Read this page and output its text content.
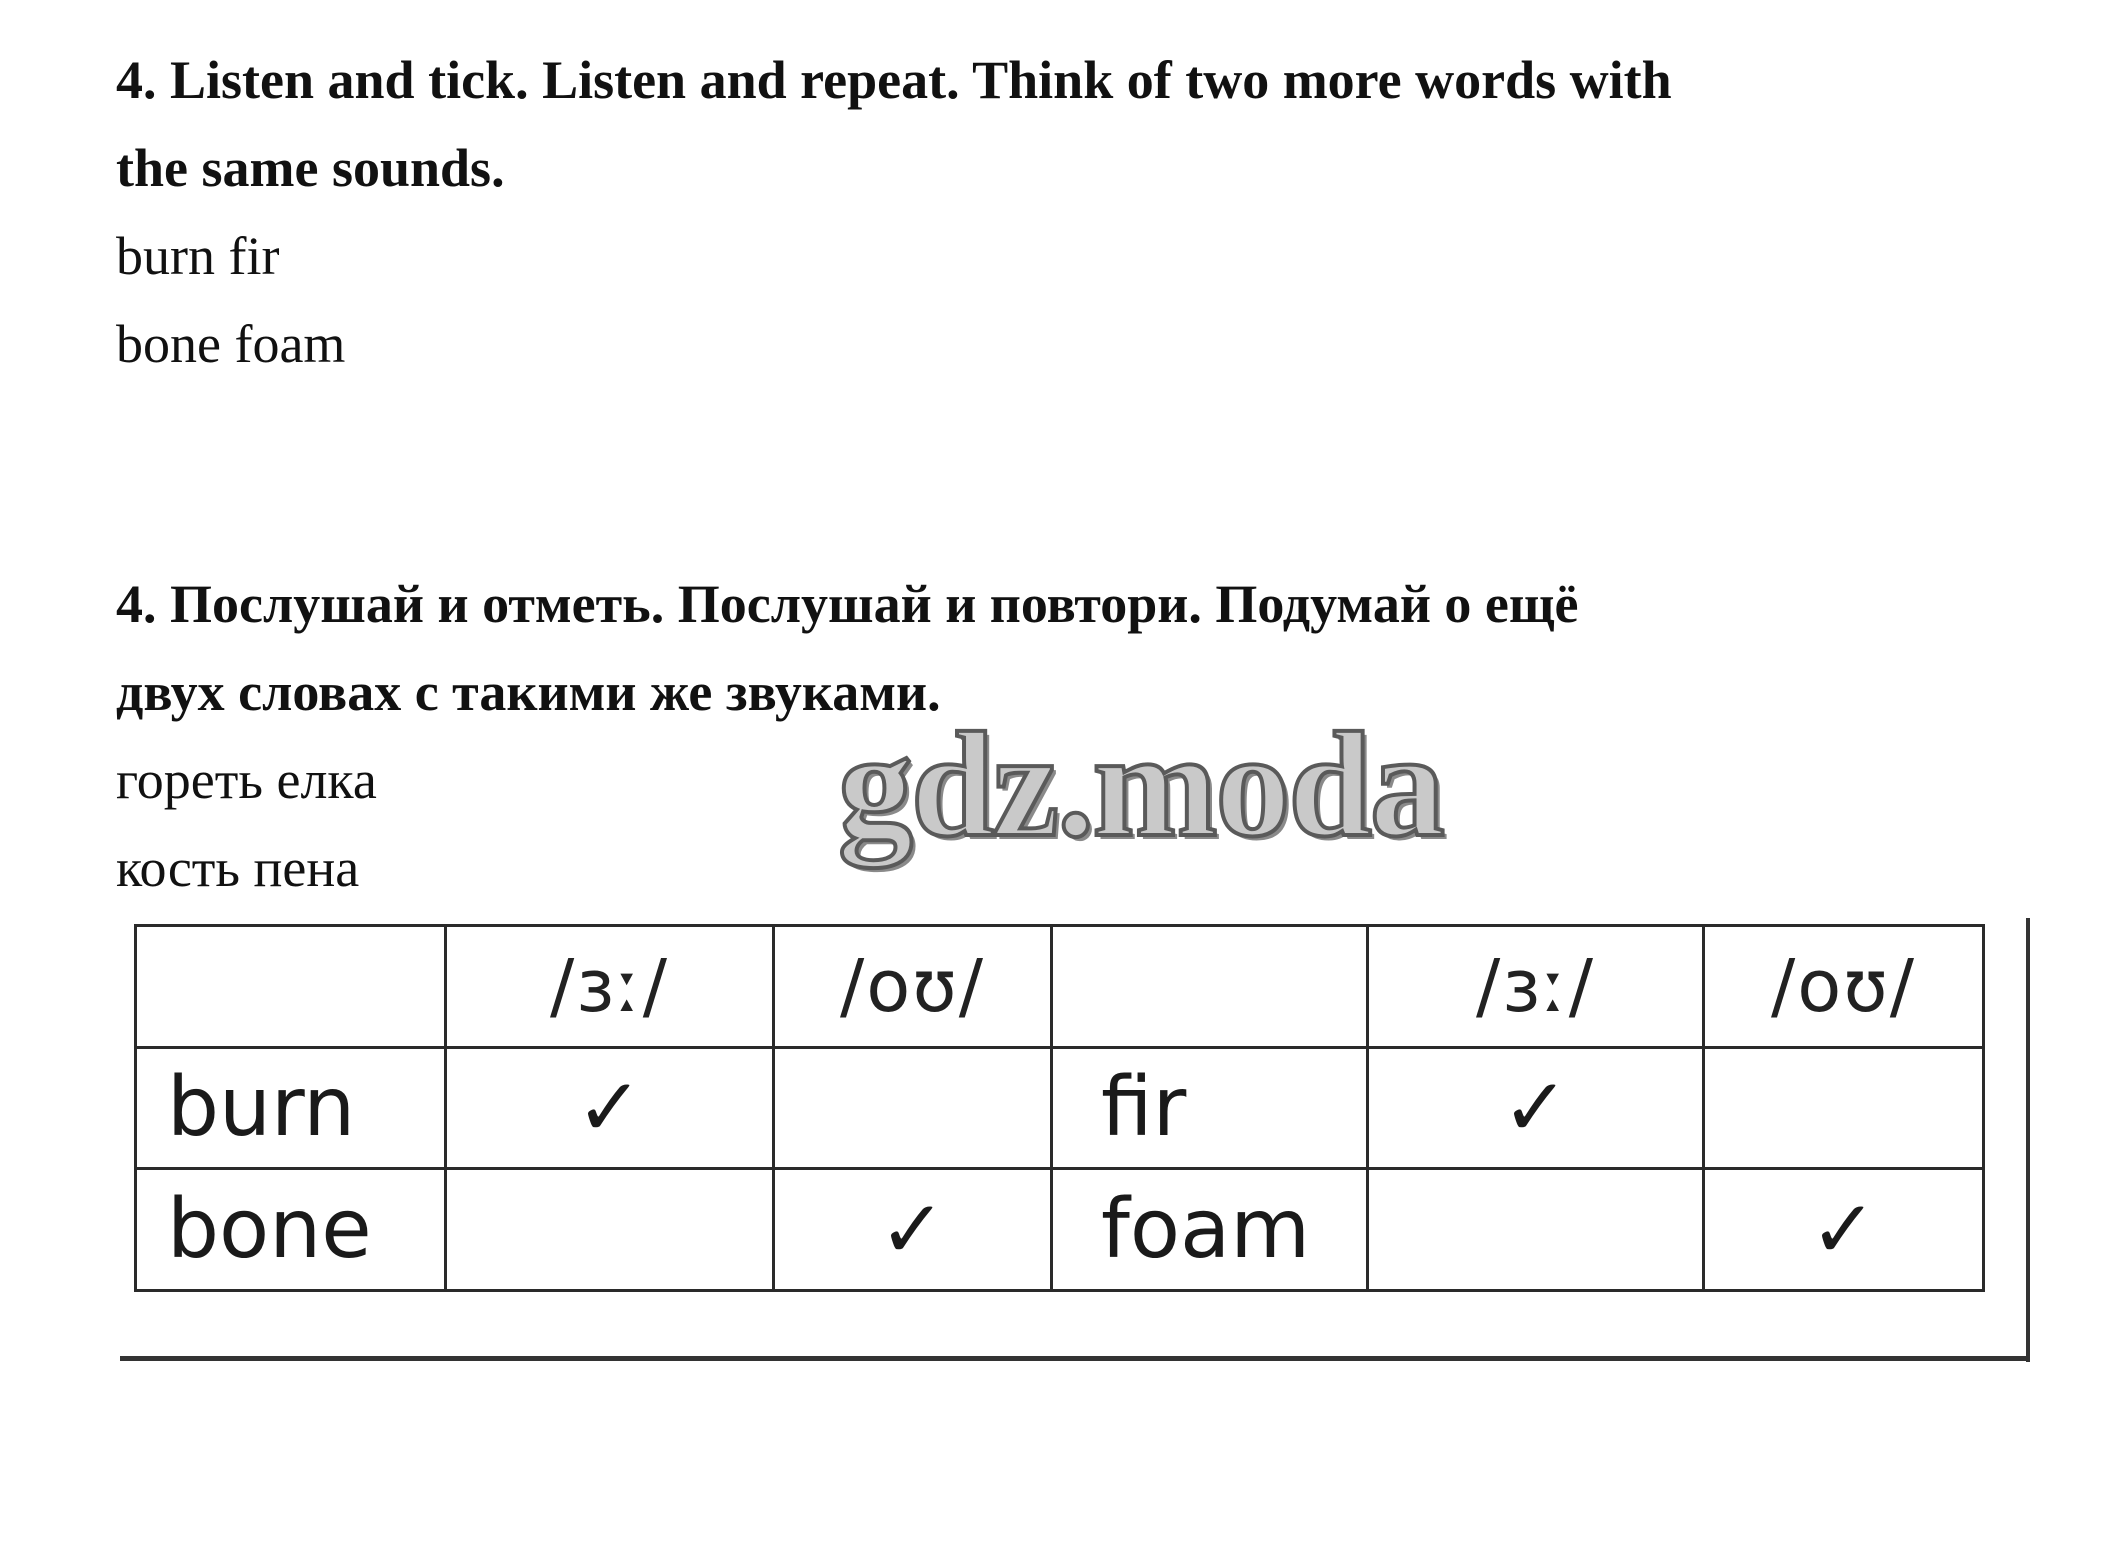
4. Listen and tick. Listen and repeat. Think of two more words with

the same sounds.

burn fir

bone foam

4. Послушай и отметь. Послушай и повтори. Подумай о ещё

двух словах с такими же звуками.

гореть елка

кость пена	gdz.moda
	/ɜː/	/oʊ/		/ɜː/	/oʊ/
burn	✓		fir	✓	
bone		✓	foam		✓
